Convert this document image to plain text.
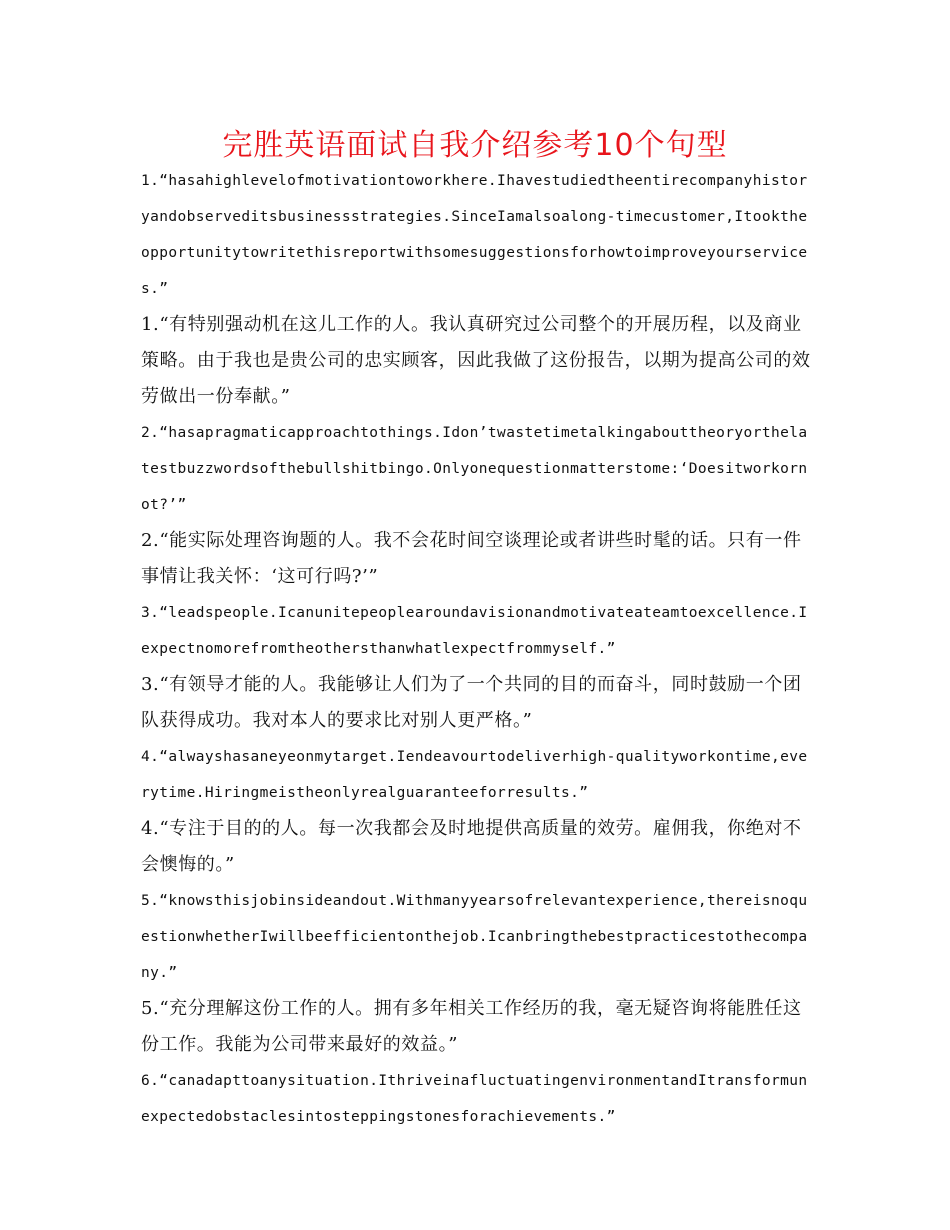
完胜英语面试自我介绍参考10个句型

1.“hasahighlevelofmotivationtoworkhere.Ihavestudiedtheentirecompanyhistoryandobserveditsbusinessstrategies.SinceIamalsoalong-timecustomer,Itooktheopportunitytowritethisreportwithsomesuggestionsforhowtoimproveyourservices.”

1.“有特别强动机在这儿工作的人。我认真研究过公司整个的开展历程，以及商业策略。由于我也是贵公司的忠实顾客，因此我做了这份报告，以期为提高公司的效劳做出一份奉献。”

2.“hasapragmaticapproachtothings.Idon’twastetimetalkingabouttheoryorthelatestbuzzwordsofthebullshitbingo.Onlyonequestionmatterstome:‘Doesitworkornot?’”

2.“能实际处理咨询题的人。我不会花时间空谈理论或者讲些时髦的话。只有一件事情让我关怀：‘这可行吗?’”

3.“leadspeople.Icanunitepeoplearoundavisionandmotivateateamtoexcellence.Iexpectnomorefromtheothersthanwhatlexpectfrommyself.”

3.“有领导才能的人。我能够让人们为了一个共同的目的而奋斗，同时鼓励一个团队获得成功。我对本人的要求比对别人更严格。”

4.“alwayshasaneyeonmytarget.Iendeavourtodeliverhigh-qualityworkontime,everytime.Hiringmeistheonlyrealguaranteeforresults.”

4.“专注于目的的人。每一次我都会及时地提供高质量的效劳。雇佣我，你绝对不会懊悔的。”

5.“knowsthisjobinsideandout.Withmanyyearsofrelevantexperience,thereisnoquestionwhetherIwillbeefficientonthejob.Icanbringthebestpracticestothecompany.”

5.“充分理解这份工作的人。拥有多年相关工作经历的我，毫无疑咨询将能胜任这份工作。我能为公司带来最好的效益。”

6.“canadapttoanysituation.IthriveinafluctuatingenvironmentandItransformunexpectedobstaclesintosteppingstonesforachievements.”
